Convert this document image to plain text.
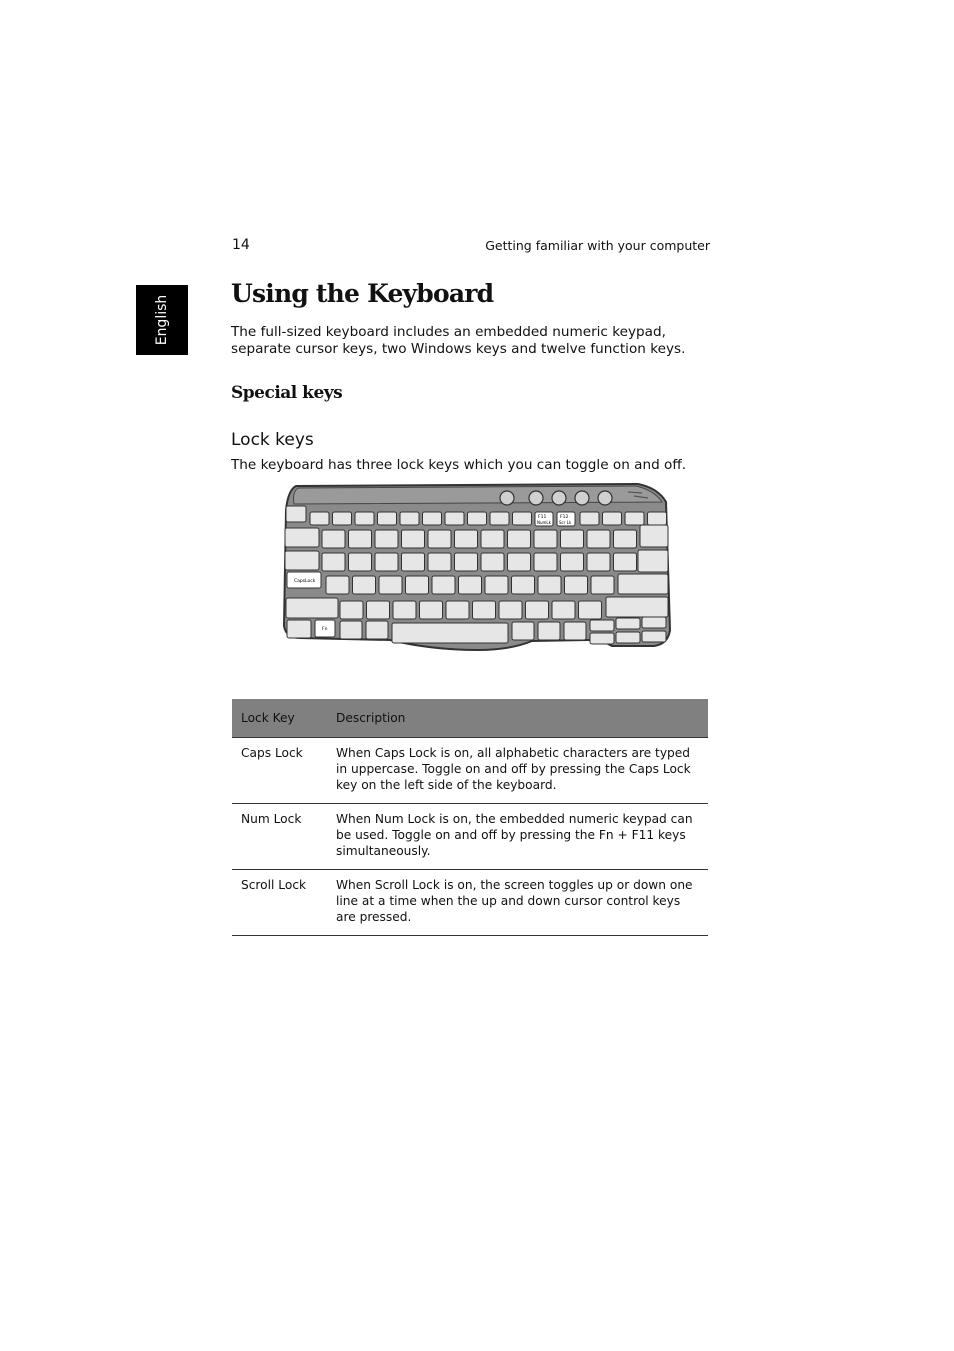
14	Getting familiar with your computer
English
Using the Keyboard
The full-sized keyboard includes an embedded numeric keypad, separate cursor keys, two Windows keys and twelve function keys.
Special keys
Lock keys
The keyboard has three lock keys which you can toggle on and off.
F11
NumLk
F12
Scr Lk
CapsLock
Fn
Lock Key	Description
Caps Lock	When Caps Lock is on, all alphabetic characters are typed in uppercase. Toggle on and off by pressing the Caps Lock key on the left side of the keyboard.
Num Lock	When Num Lock is on, the embedded numeric keypad can be used. Toggle on and off by pressing the Fn + F11 keys simultaneously.
Scroll Lock	When Scroll Lock is on, the screen toggles up or down one line at a time when the up and down cursor control keys are pressed.
